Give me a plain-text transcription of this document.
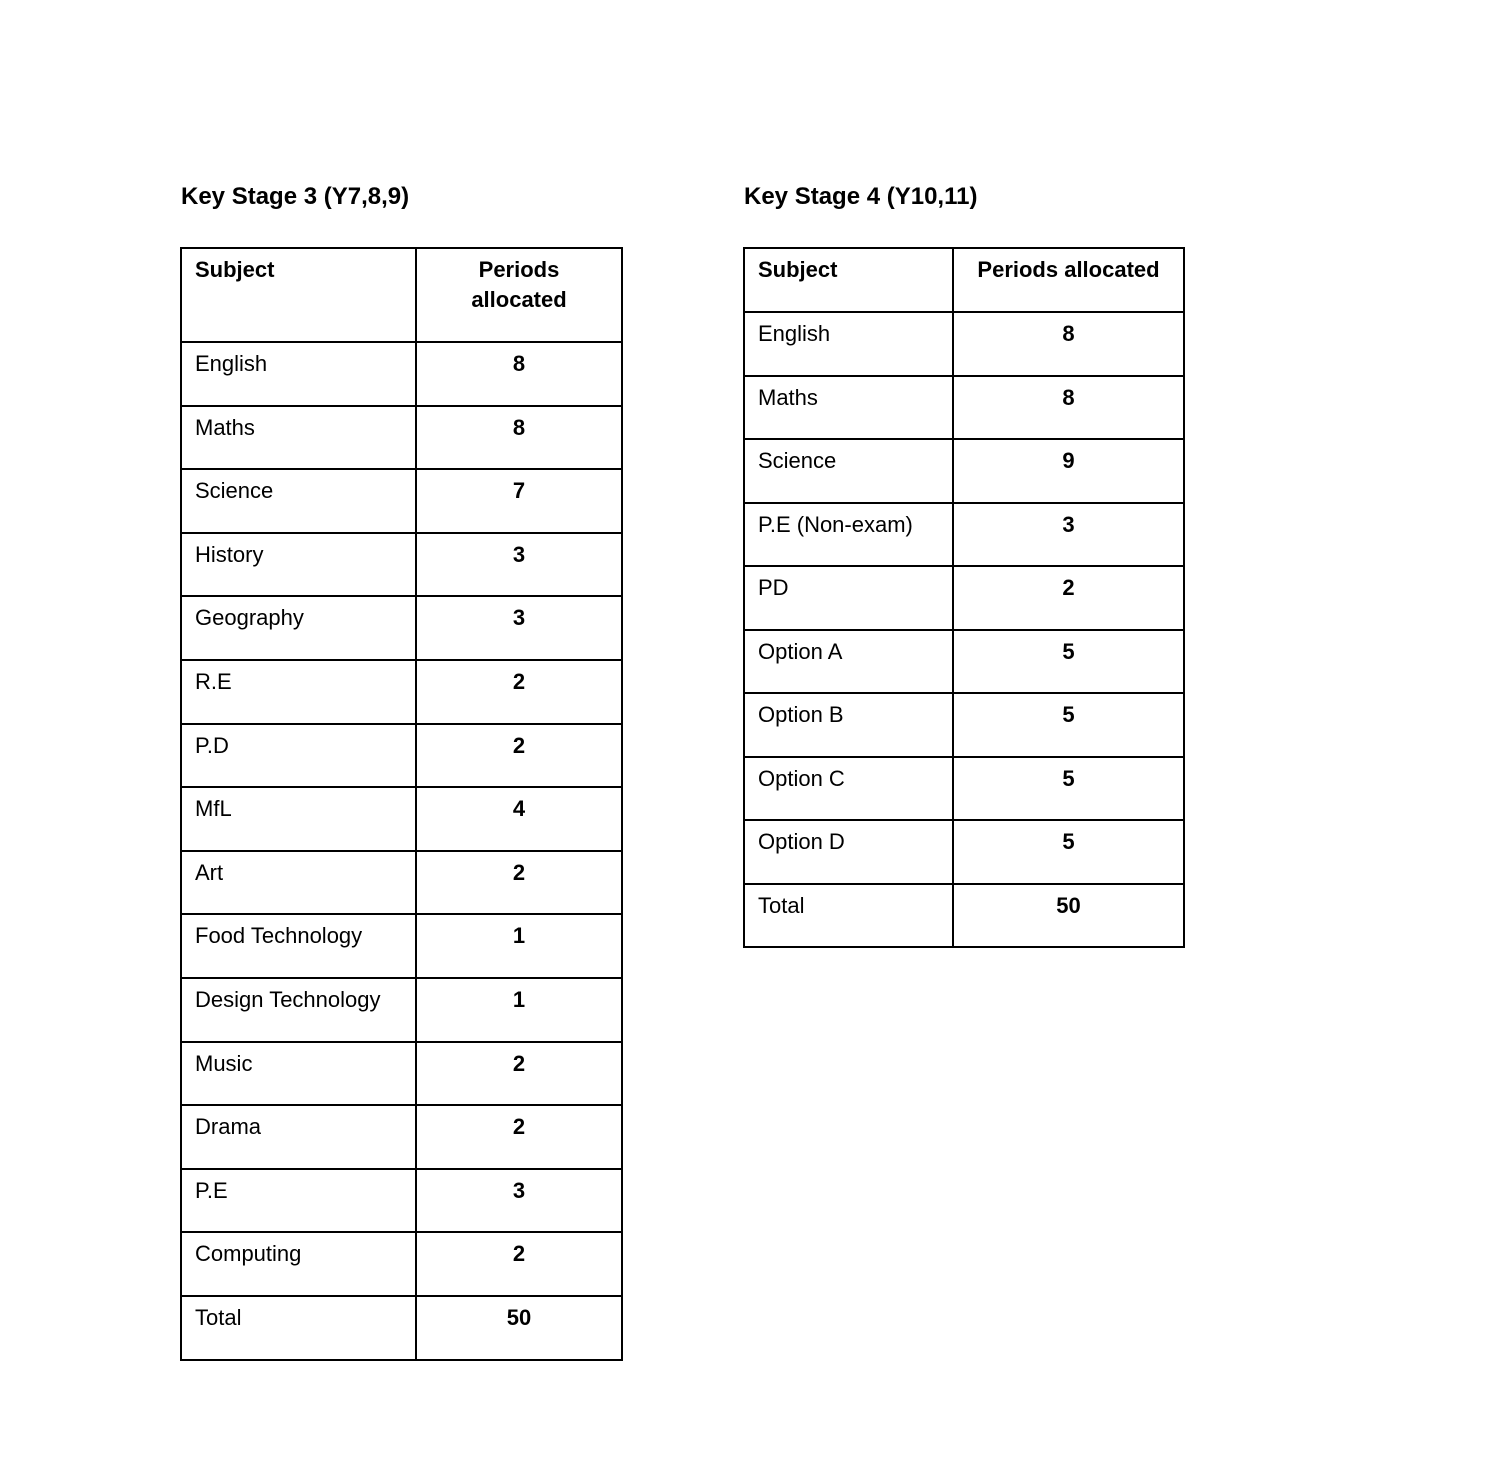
Key Stage 3 (Y7,8,9)
Subject	Periods allocated
English	8
Maths	8
Science	7
History	3
Geography	3
R.E	2
P.D	2
MfL	4
Art	2
Food Technology	1
Design Technology	1
Music	2
Drama	2
P.E	3
Computing	2
Total	50
Key Stage 4 (Y10,11)
Subject	Periods allocated
English	8
Maths	8
Science	9
P.E (Non-exam)	3
PD	2
Option A	5
Option B	5
Option C	5
Option D	5
Total	50
